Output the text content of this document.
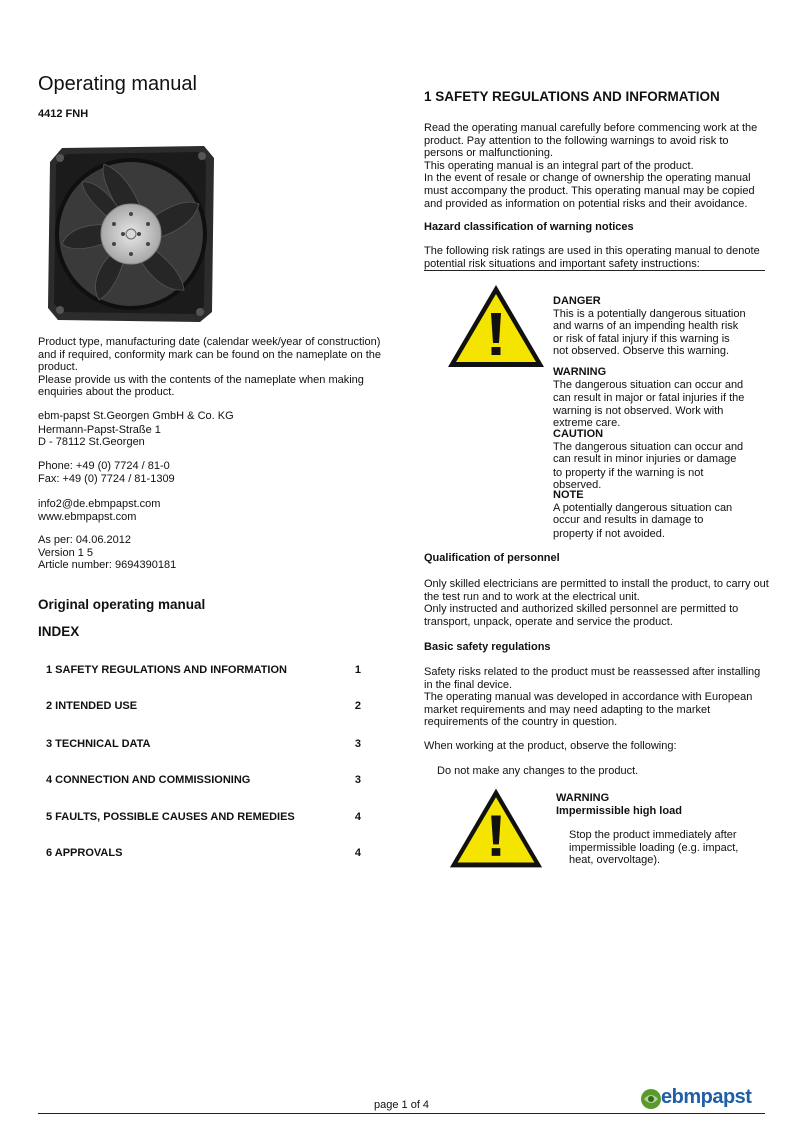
Operating manual
4412 FNH
Product type, manufacturing date (calendar week/year of construction)
and if required, conformity mark can be found on the nameplate on the
product.
Please provide us with the contents of the nameplate when making
enquiries about the product.
ebm-papst St.Georgen GmbH & Co. KG
Hermann-Papst-Straße 1
D - 78112 St.Georgen
Phone: +49 (0) 7724 / 81-0
Fax: +49 (0) 7724 / 81-1309
info2@de.ebmpapst.com
www.ebmpapst.com
As per: 04.06.2012
Version 1 5
Article number: 9694390181
Original operating manual
INDEX
1 SAFETY REGULATIONS AND INFORMATION	1
2 INTENDED USE	2
3 TECHNICAL DATA	3
4 CONNECTION AND COMMISSIONING	3
5 FAULTS, POSSIBLE CAUSES AND REMEDIES	4
6 APPROVALS	4
1 SAFETY REGULATIONS AND INFORMATION
Read the operating manual carefully before commencing work at the
product. Pay attention to the following warnings to avoid risk to
persons or malfunctioning.
This operating manual is an integral part of the product.
In the event of resale or change of ownership the operating manual
must accompany the product. This operating manual may be copied
and provided as information on potential risks and their avoidance.
Hazard classification of warning notices
The following risk ratings are used in this operating manual to denote
potential risk situations and important safety instructions:
DANGER
This is a potentially dangerous situation
and warns of an impending health risk
or risk of fatal injury if this warning is
not observed. Observe this warning.
WARNING
The dangerous situation can occur and
can result in major or fatal injuries if the
warning is not observed. Work with
extreme care.
CAUTION
The dangerous situation can occur and
can result in minor injuries or damage
to property if the warning is not
observed.
NOTE
A potentially dangerous situation can
occur and results in damage to
property if not avoided.
Qualification of personnel
Only skilled electricians are permitted to install the product, to carry out
the test run and to work at the electrical unit.
Only instructed and authorized skilled personnel are permitted to
transport, unpack, operate and service the product.
Basic safety regulations
Safety risks related to the product must be reassessed after installing
in the final device.
The operating manual was developed in accordance with European
market requirements and may need adapting to the market
requirements of the country in question.
When working at the product, observe the following:
Do not make any changes to the product.
WARNING
Impermissible high load
Stop the product immediately after
impermissible loading (e.g. impact,
heat, overvoltage).
page 1 of 4	ebmpapst
